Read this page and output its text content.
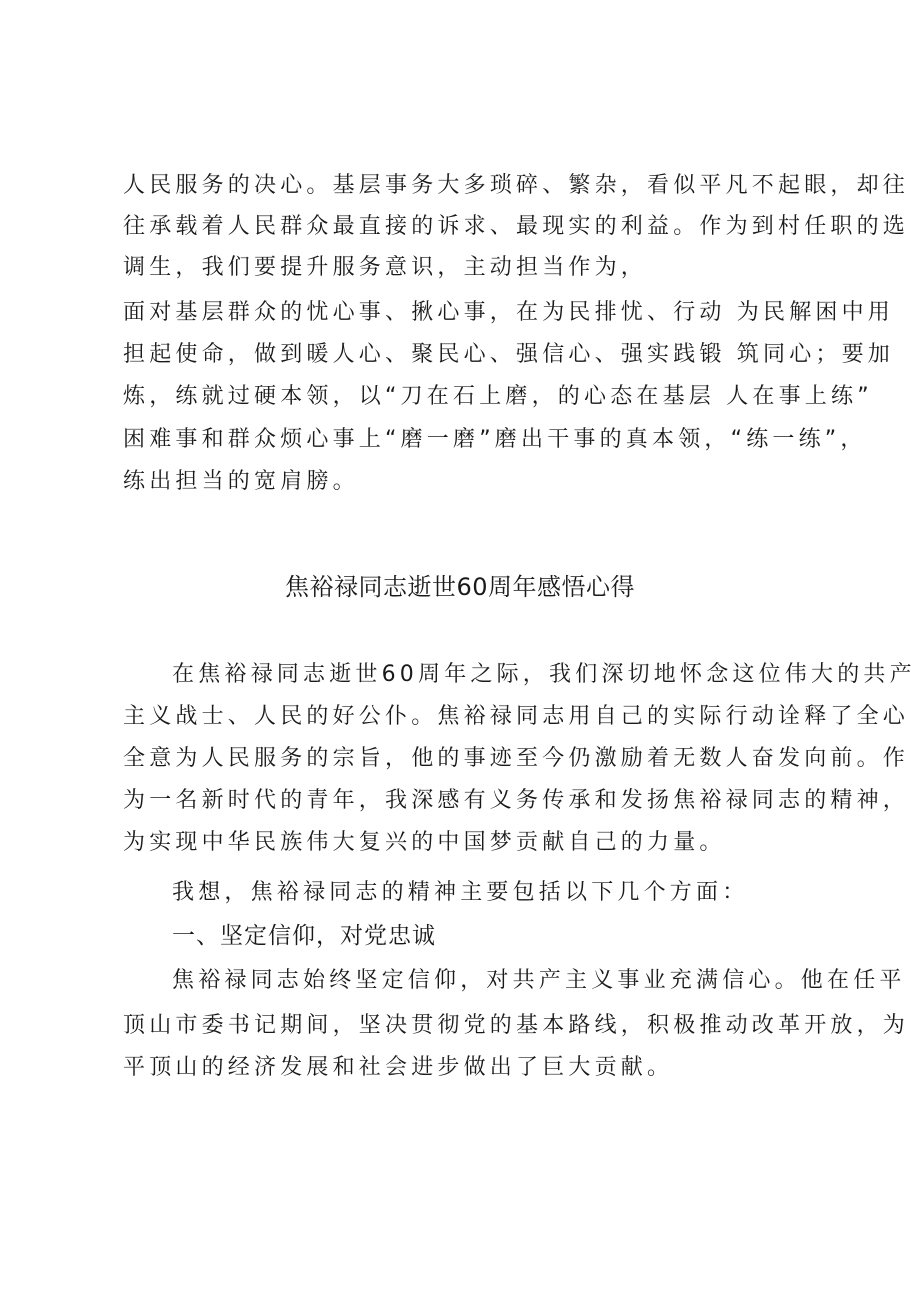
人民服务的决心。基层事务大多琐碎、繁杂，看似平凡不起眼，却往
往承载着人民群众最直接的诉求、最现实的利益。作为到村任职的选
调生，我们要提升服务意识，主动担当作为，
面对基层群众的忧心事、揪心事，在为民排忧、行动 为民解困中用
担起使命，做到暖人心、聚民心、强信心、强实践锻 筑同心；要加
炼，练就过硬本领，以“刀在石上磨，的心态在基层 人在事上练”
困难事和群众烦心事上“磨一磨”磨出干事的真本领，“练一练”，
练出担当的宽肩膀。
焦裕禄同志逝世60周年感悟心得
在焦裕禄同志逝世60周年之际，我们深切地怀念这位伟大的共产
主义战士、人民的好公仆。焦裕禄同志用自己的实际行动诠释了全心
全意为人民服务的宗旨，他的事迹至今仍激励着无数人奋发向前。作
为一名新时代的青年，我深感有义务传承和发扬焦裕禄同志的精神，
为实现中华民族伟大复兴的中国梦贡献自己的力量。
我想，焦裕禄同志的精神主要包括以下几个方面：
一、坚定信仰，对党忠诚
焦裕禄同志始终坚定信仰，对共产主义事业充满信心。他在任平
顶山市委书记期间，坚决贯彻党的基本路线，积极推动改革开放，为
平顶山的经济发展和社会进步做出了巨大贡献。
